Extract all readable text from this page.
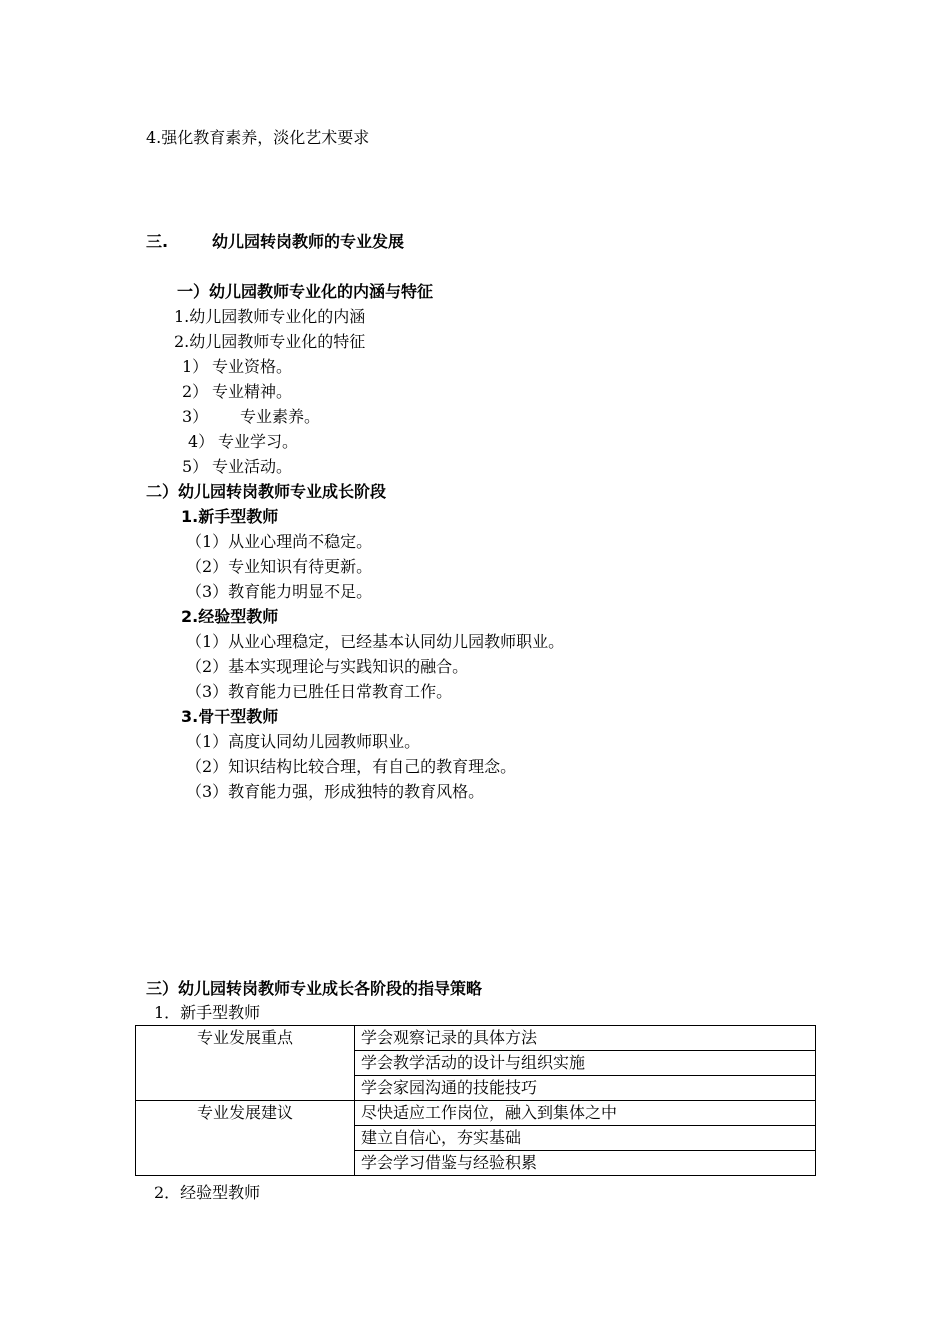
4.强化教育素养，淡化艺术要求
三.	幼儿园转岗教师的专业发展
一）幼儿园教师专业化的内涵与特征
1.幼儿园教师专业化的内涵
2.幼儿园教师专业化的特征
1） 专业资格。
2） 专业精神。
3） 专业素养。
4） 专业学习。
5） 专业活动。
二）幼儿园转岗教师专业成长阶段
1.新手型教师
（1）从业心理尚不稳定。
（2）专业知识有待更新。
（3）教育能力明显不足。
2.经验型教师
（1）从业心理稳定，已经基本认同幼儿园教师职业。
（2）基本实现理论与实践知识的融合。
（3）教育能力已胜任日常教育工作。
3.骨干型教师
（1）高度认同幼儿园教师职业。
（2）知识结构比较合理，有自己的教育理念。
（3）教育能力强，形成独特的教育风格。
三）幼儿园转岗教师专业成长各阶段的指导策略
1．新手型教师
专业发展重点	学会观察记录的具体方法
	学会教学活动的设计与组织实施
	学会家园沟通的技能技巧
专业发展建议	尽快适应工作岗位，融入到集体之中
	建立自信心，夯实基础
	学会学习借鉴与经验积累
2．经验型教师
